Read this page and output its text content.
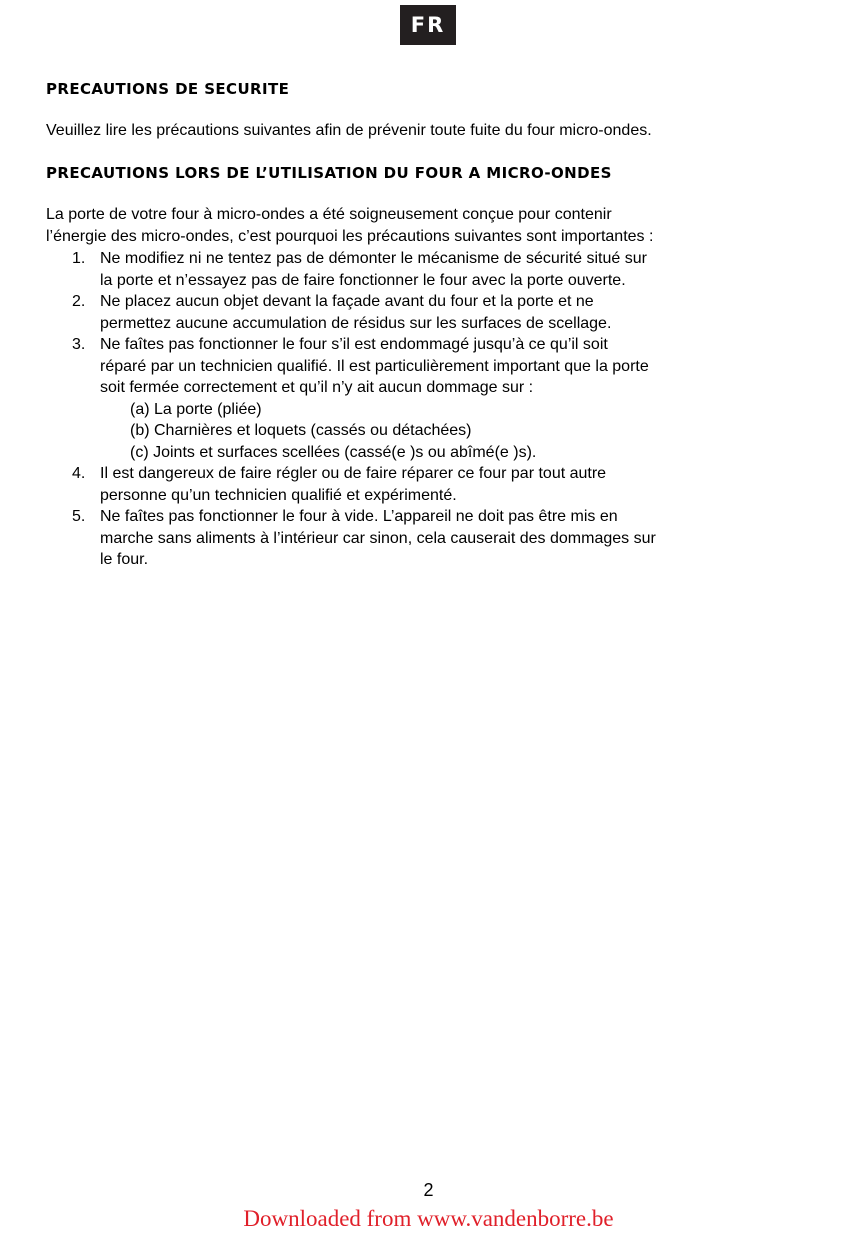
FR
PRECAUTIONS DE SECURITE

Veuillez lire les précautions suivantes afin de prévenir toute fuite du four micro-ondes.

PRECAUTIONS LORS DE L’UTILISATION DU FOUR A MICRO-ONDES

La porte de votre four à micro-ondes a été soigneusement conçue pour contenir

l’énergie des micro-ondes, c’est pourquoi les précautions suivantes sont importantes :

1. Ne modifiez ni ne tentez pas de démonter le mécanisme de sécurité situé sur
la porte et n’essayez pas de faire fonctionner le four avec la porte ouverte.
2. Ne placez aucun objet devant la façade avant du four et la porte et ne
permettez aucune accumulation de résidus sur les surfaces de scellage.
3. Ne faîtes pas fonctionner le four s’il est endommagé jusqu’à ce qu’il soit
réparé par un technicien qualifié. Il est particulièrement important que la porte
soit fermée correctement et qu’il n’y ait aucun dommage sur :
(a) La porte (pliée)
(b) Charnières et loquets (cassés ou détachées)
(c) Joints et surfaces scellées (cassé(e )s ou abîmé(e )s).
4. Il est dangereux de faire régler ou de faire réparer ce four par tout autre
personne qu’un technicien qualifié et expérimenté.
5. Ne faîtes pas fonctionner le four à vide. L’appareil ne doit pas être mis en
marche sans aliments à l’intérieur car sinon, cela causerait des dommages sur
le four.
2
Downloaded from www.vandenborre.be
